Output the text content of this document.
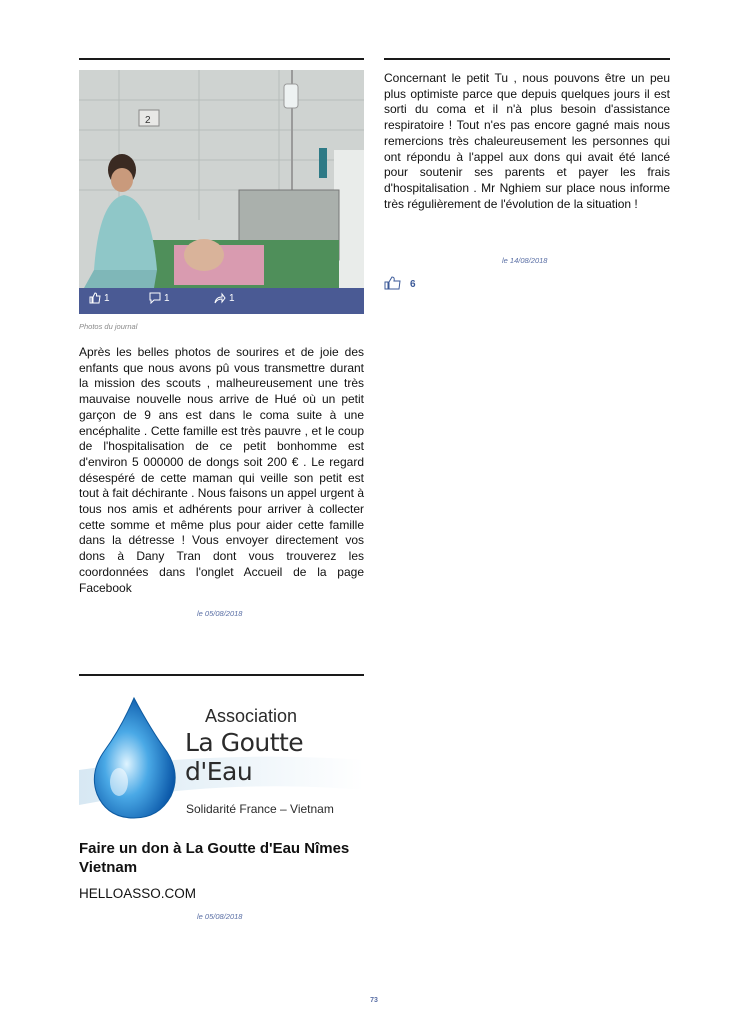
2
1	1	1
Photos du journal
Après les belles photos de sourires et de joie des enfants que nous avons pû vous transmettre durant la mission des scouts , malheureusement une très mauvaise nouvelle nous arrive de Hué où un petit garçon de 9 ans est dans le coma suite à une encéphalite . Cette famille est très pauvre , et le coup de l'hospitalisation de ce petit bonhomme est d'environ 5 000000 de dongs soit 200 € . Le regard désespéré de cette maman qui veille son petit est tout à fait déchirante . Nous faisons un appel urgent à tous nos amis et adhérents pour arriver à collecter cette somme et même plus pour aider cette famille dans la détresse ! Vous envoyer directement vos dons à Dany Tran dont vous trouverez les coordonnées dans l'onglet Accueil de la page Facebook
le 05/08/2018
Association
La Goutte d'Eau
Solidarité France – Vietnam
Faire un don à La Goutte d'Eau Nîmes Vietnam
HELLOASSO.COM
le 05/08/2018
Concernant le petit Tu , nous pouvons être un peu plus optimiste parce que depuis quelques jours il est sorti du coma et il n'à plus besoin d'assistance respiratoire ! Tout n'es pas encore gagné mais nous remercions très chaleureusement les personnes qui ont répondu à l'appel aux dons qui avait été lancé pour soutenir ses parents et payer les frais d'hospitalisation . Mr Nghiem sur place nous informe très régulièrement de l'évolution de la situation !
le 14/08/2018
6
73
